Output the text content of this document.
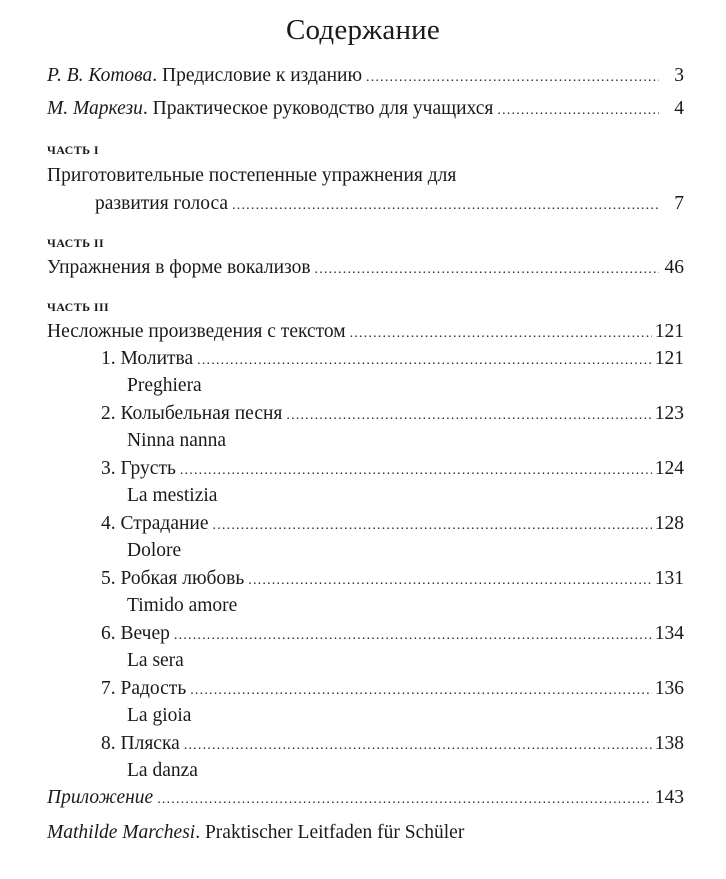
Содержание
Р. В. Котова. Предисловие к изданию .....	3
М. Маркези. Практическое руководство для учащихся .....	4
ЧАСТЬ I
Приготовительные постепенные упражнения для
развития голоса .....	7
ЧАСТЬ II
Упражнения в форме вокализов .....	46
ЧАСТЬ III
Несложные произведения с текстом .....	121
1. Молитва .....	121
Preghiera
2. Колыбельная песня .....	123
Ninna nanna
3. Грусть .....	124
La mestizia
4. Страдание .....	128
Dolore
5. Робкая любовь .....	131
Timido amore
6. Вечер .....	134
La sera
7. Радость .....	136
La gioia
8. Пляска .....	138
La danza
Приложение .....	143
Mathilde Marchesi. Praktischer Leitfaden für Schüler
